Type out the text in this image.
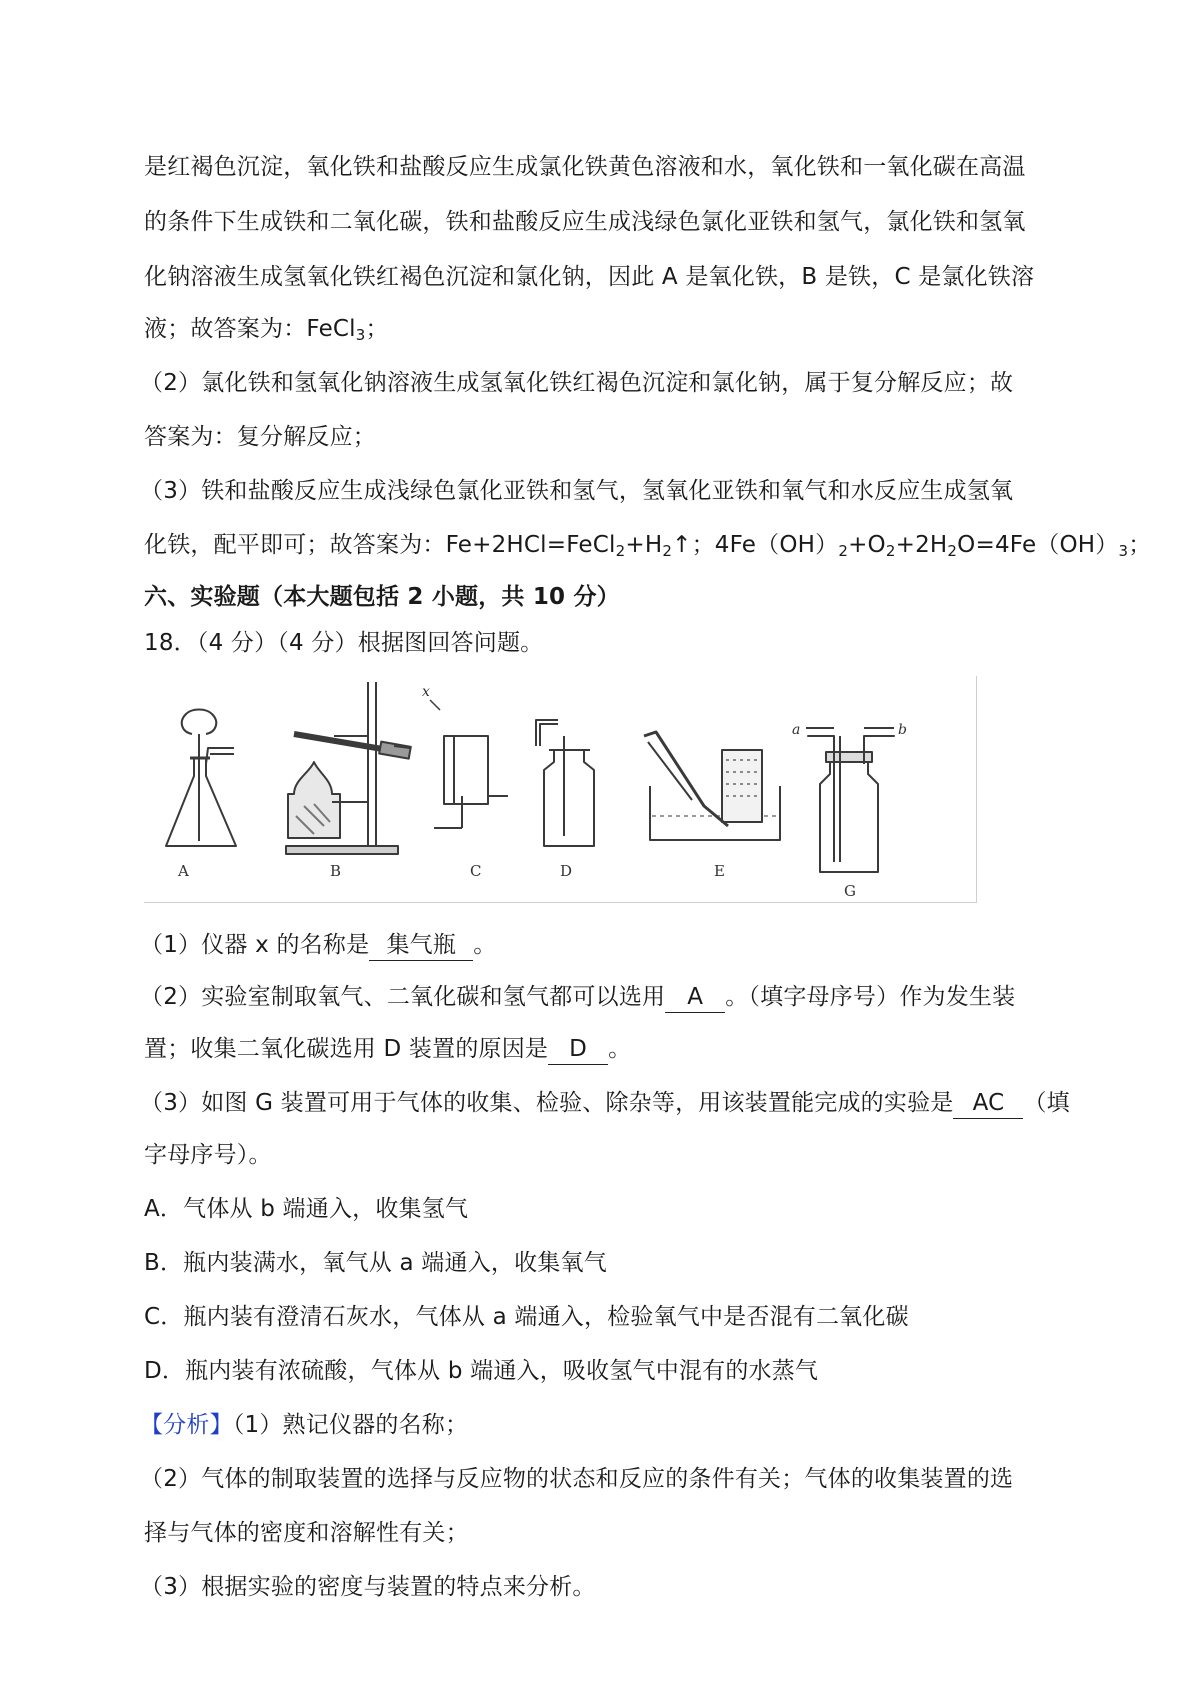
是红褐色沉淀，氧化铁和盐酸反应生成氯化铁黄色溶液和水，氧化铁和一氧化碳在高温
的条件下生成铁和二氧化碳，铁和盐酸反应生成浅绿色氯化亚铁和氢气，氯化铁和氢氧
化钠溶液生成氢氧化铁红褐色沉淀和氯化钠，因此 A 是氧化铁，B 是铁，C 是氯化铁溶
液；故答案为：FeCl$_3$；
（2）氯化铁和氢氧化钠溶液生成氢氧化铁红褐色沉淀和氯化钠，属于复分解反应；故
答案为：复分解反应；
（3）铁和盐酸反应生成浅绿色氯化亚铁和氢气，氢氧化亚铁和氧气和水反应生成氢氧
化铁，配平即可；故答案为：$Fe+2HCl=FeCl_2+H_2↑$；$4Fe(OH)_2+O_2+2H_2O=4Fe(OH)_3$；
六、实验题（本大题包括 2 小题，共 10 分）
18．（4 分）（4 分）根据图回答问题。
x
a	b
A	B	C	D	E
G
（1）仪器 x 的名称是 集气瓶 。
（2）实验室制取氧气、二氧化碳和氢气都可以选用 A 。（填字母序号）作为发生装
置；收集二氧化碳选用 D 装置的原因是 D 。
（3）如图 G 装置可用于气体的收集、检验、除杂等，用该装置能完成的实验是 AC （填
字母序号）。
A．气体从 b 端通入，收集氢气
B．瓶内装满水，氧气从 a 端通入，收集氧气
C．瓶内装有澄清石灰水，气体从 a 端通入，检验氧气中是否混有二氧化碳
D．瓶内装有浓硫酸，气体从 b 端通入，吸收氢气中混有的水蒸气
【分析】（1）熟记仪器的名称；
（2）气体的制取装置的选择与反应物的状态和反应的条件有关；气体的收集装置的选
择与气体的密度和溶解性有关；
（3）根据实验的密度与装置的特点来分析。
